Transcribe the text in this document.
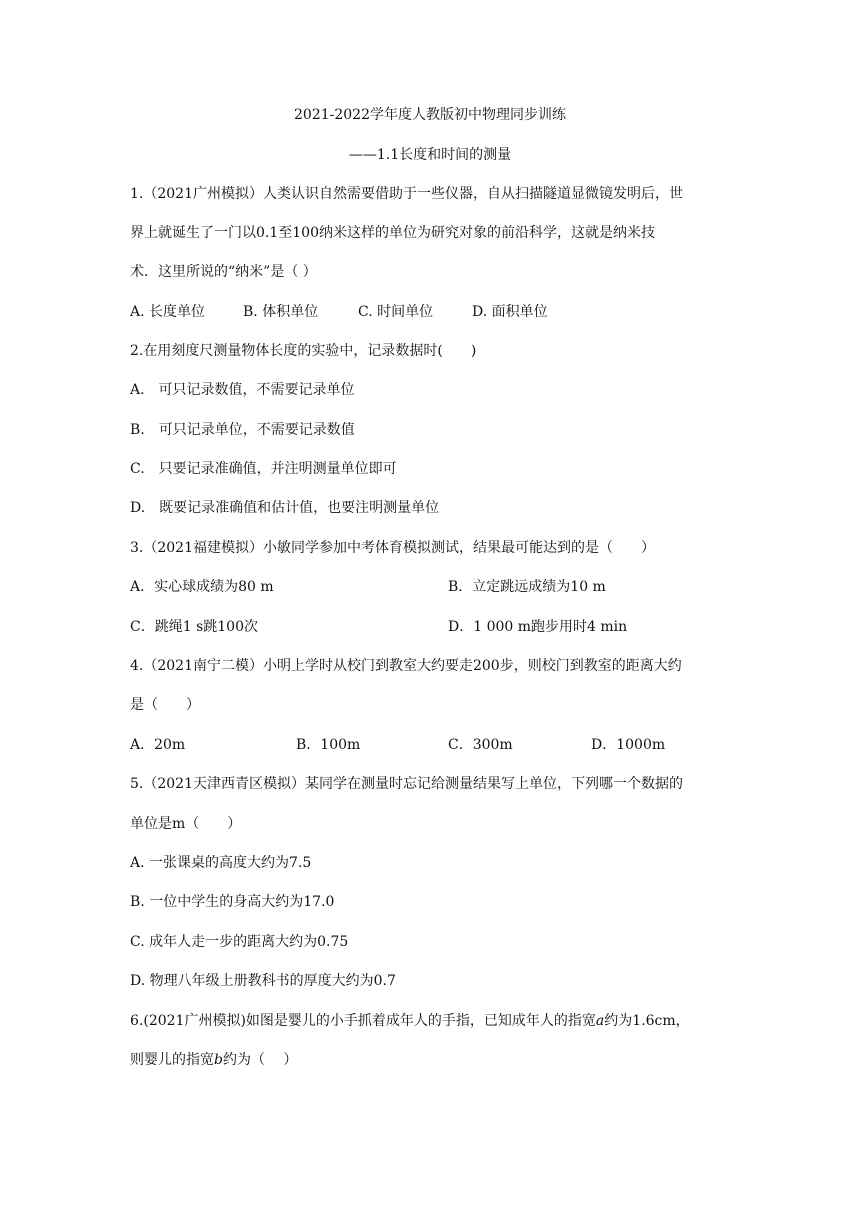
2021-2022学年度人教版初中物理同步训练
——1.1长度和时间的测量
1.（2021广州模拟）人类认识自然需要借助于一些仪器，自从扫描隧道显微镜发明后，世
界上就诞生了一门以0.1至100纳米这样的单位为研究对象的前沿科学，这就是纳米技
术．这里所说的“纳米”是（ ）
A. 长度单位	B. 体积单位	C. 时间单位	D. 面积单位
2.在用刻度尺测量物体长度的实验中，记录数据时(　　)
A.　可只记录数值，不需要记录单位
B.　可只记录单位，不需要记录数值
C.　只要记录准确值，并注明测量单位即可
D.　既要记录准确值和估计值，也要注明测量单位
3.（2021福建模拟）小敏同学参加中考体育模拟测试，结果最可能达到的是（　　）
A．实心球成绩为80 m	B．立定跳远成绩为10 m
C．跳绳1 s跳100次	D．1 000 m跑步用时4 min
4.（2021南宁二模）小明上学时从校门到教室大约要走200步，则校门到教室的距离大约
是（　　）
A．20m	B．100m	C．300m	D．1000m
5.（2021天津西青区模拟）某同学在测量时忘记给测量结果写上单位，下列哪一个数据的
单位是m（　　）
A. 一张课桌的高度大约为7.5
B. 一位中学生的身高大约为17.0
C. 成年人走一步的距离大约为0.75
D. 物理八年级上册教科书的厚度大约为0.7
6.(2021广州模拟)如图是婴儿的小手抓着成年人的手指，已知成年人的指宽a约为1.6cm，
则婴儿的指宽b约为（　 ）
